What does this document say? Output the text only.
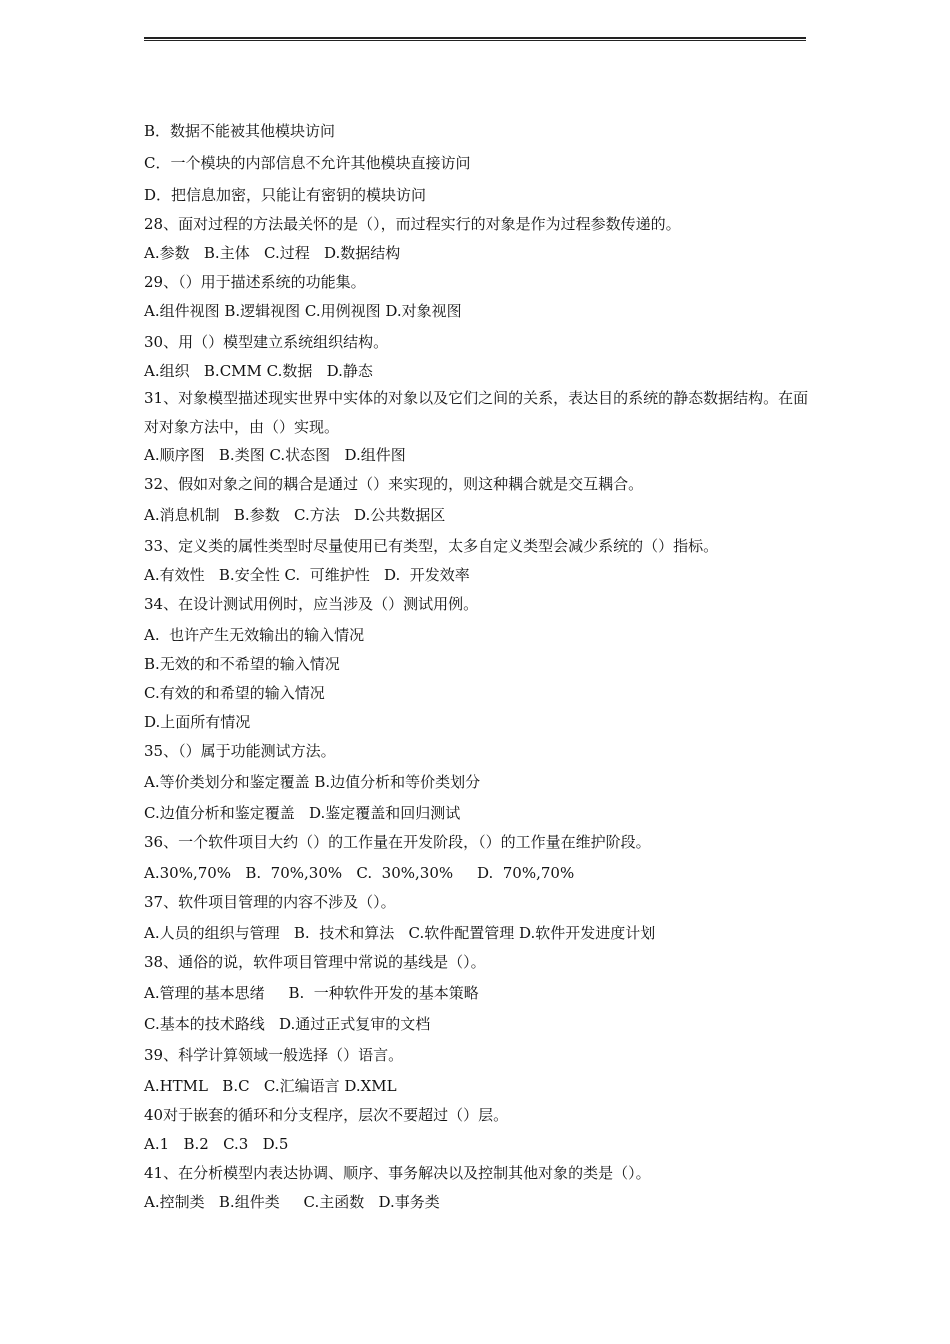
B．数据不能被其他模块访问
C．一个模块的内部信息不允许其他模块直接访问
D．把信息加密，只能让有密钥的模块访问
28、面对过程的方法最关怀的是（），而过程实行的对象是作为过程参数传递的。
A.参数   B.主体   C.过程   D.数据结构
29、（）用于描述系统的功能集。
A.组件视图 B.逻辑视图 C.用例视图 D.对象视图
30、用（）模型建立系统组织结构。
A.组织   B.CMM C.数据   D.静态
31、对象模型描述现实世界中实体的对象以及它们之间的关系，表达目的系统的静态数据结构。在面对对象方法中，由（）实现。
A.顺序图   B.类图 C.状态图   D.组件图
32、假如对象之间的耦合是通过（）来实现的，则这种耦合就是交互耦合。
A.消息机制   B.参数   C.方法   D.公共数据区
33、定义类的属性类型时尽量使用已有类型，太多自定义类型会减少系统的（）指标。
A.有效性   B.安全性 C.  可维护性   D.  开发效率
34、在设计测试用例时，应当涉及（）测试用例。
A.  也许产生无效输出的输入情况
B.无效的和不希望的输入情况
C.有效的和希望的输入情况
D.上面所有情况
35、（）属于功能测试方法。
A.等价类划分和鉴定覆盖 B.边值分析和等价类划分
C.边值分析和鉴定覆盖   D.鉴定覆盖和回归测试
36、一个软件项目大约（）的工作量在开发阶段，（）的工作量在维护阶段。
A.30%,70%   B.  70%,30%   C.  30%,30%     D.  70%,70%
37、软件项目管理的内容不涉及（）。
A.人员的组织与管理   B.  技术和算法   C.软件配置管理 D.软件开发进度计划
38、通俗的说，软件项目管理中常说的基线是（）。
A.管理的基本思绪     B.  一种软件开发的基本策略
C.基本的技术路线   D.通过正式复审的文档
39、科学计算领域一般选择（）语言。
A.HTML   B.C   C.汇编语言 D.XML
40对于嵌套的循环和分支程序，层次不要超过（）层。
A.1   B.2   C.3   D.5
41、在分析模型内表达协调、顺序、事务解决以及控制其他对象的类是（）。
A.控制类   B.组件类     C.主函数   D.事务类
